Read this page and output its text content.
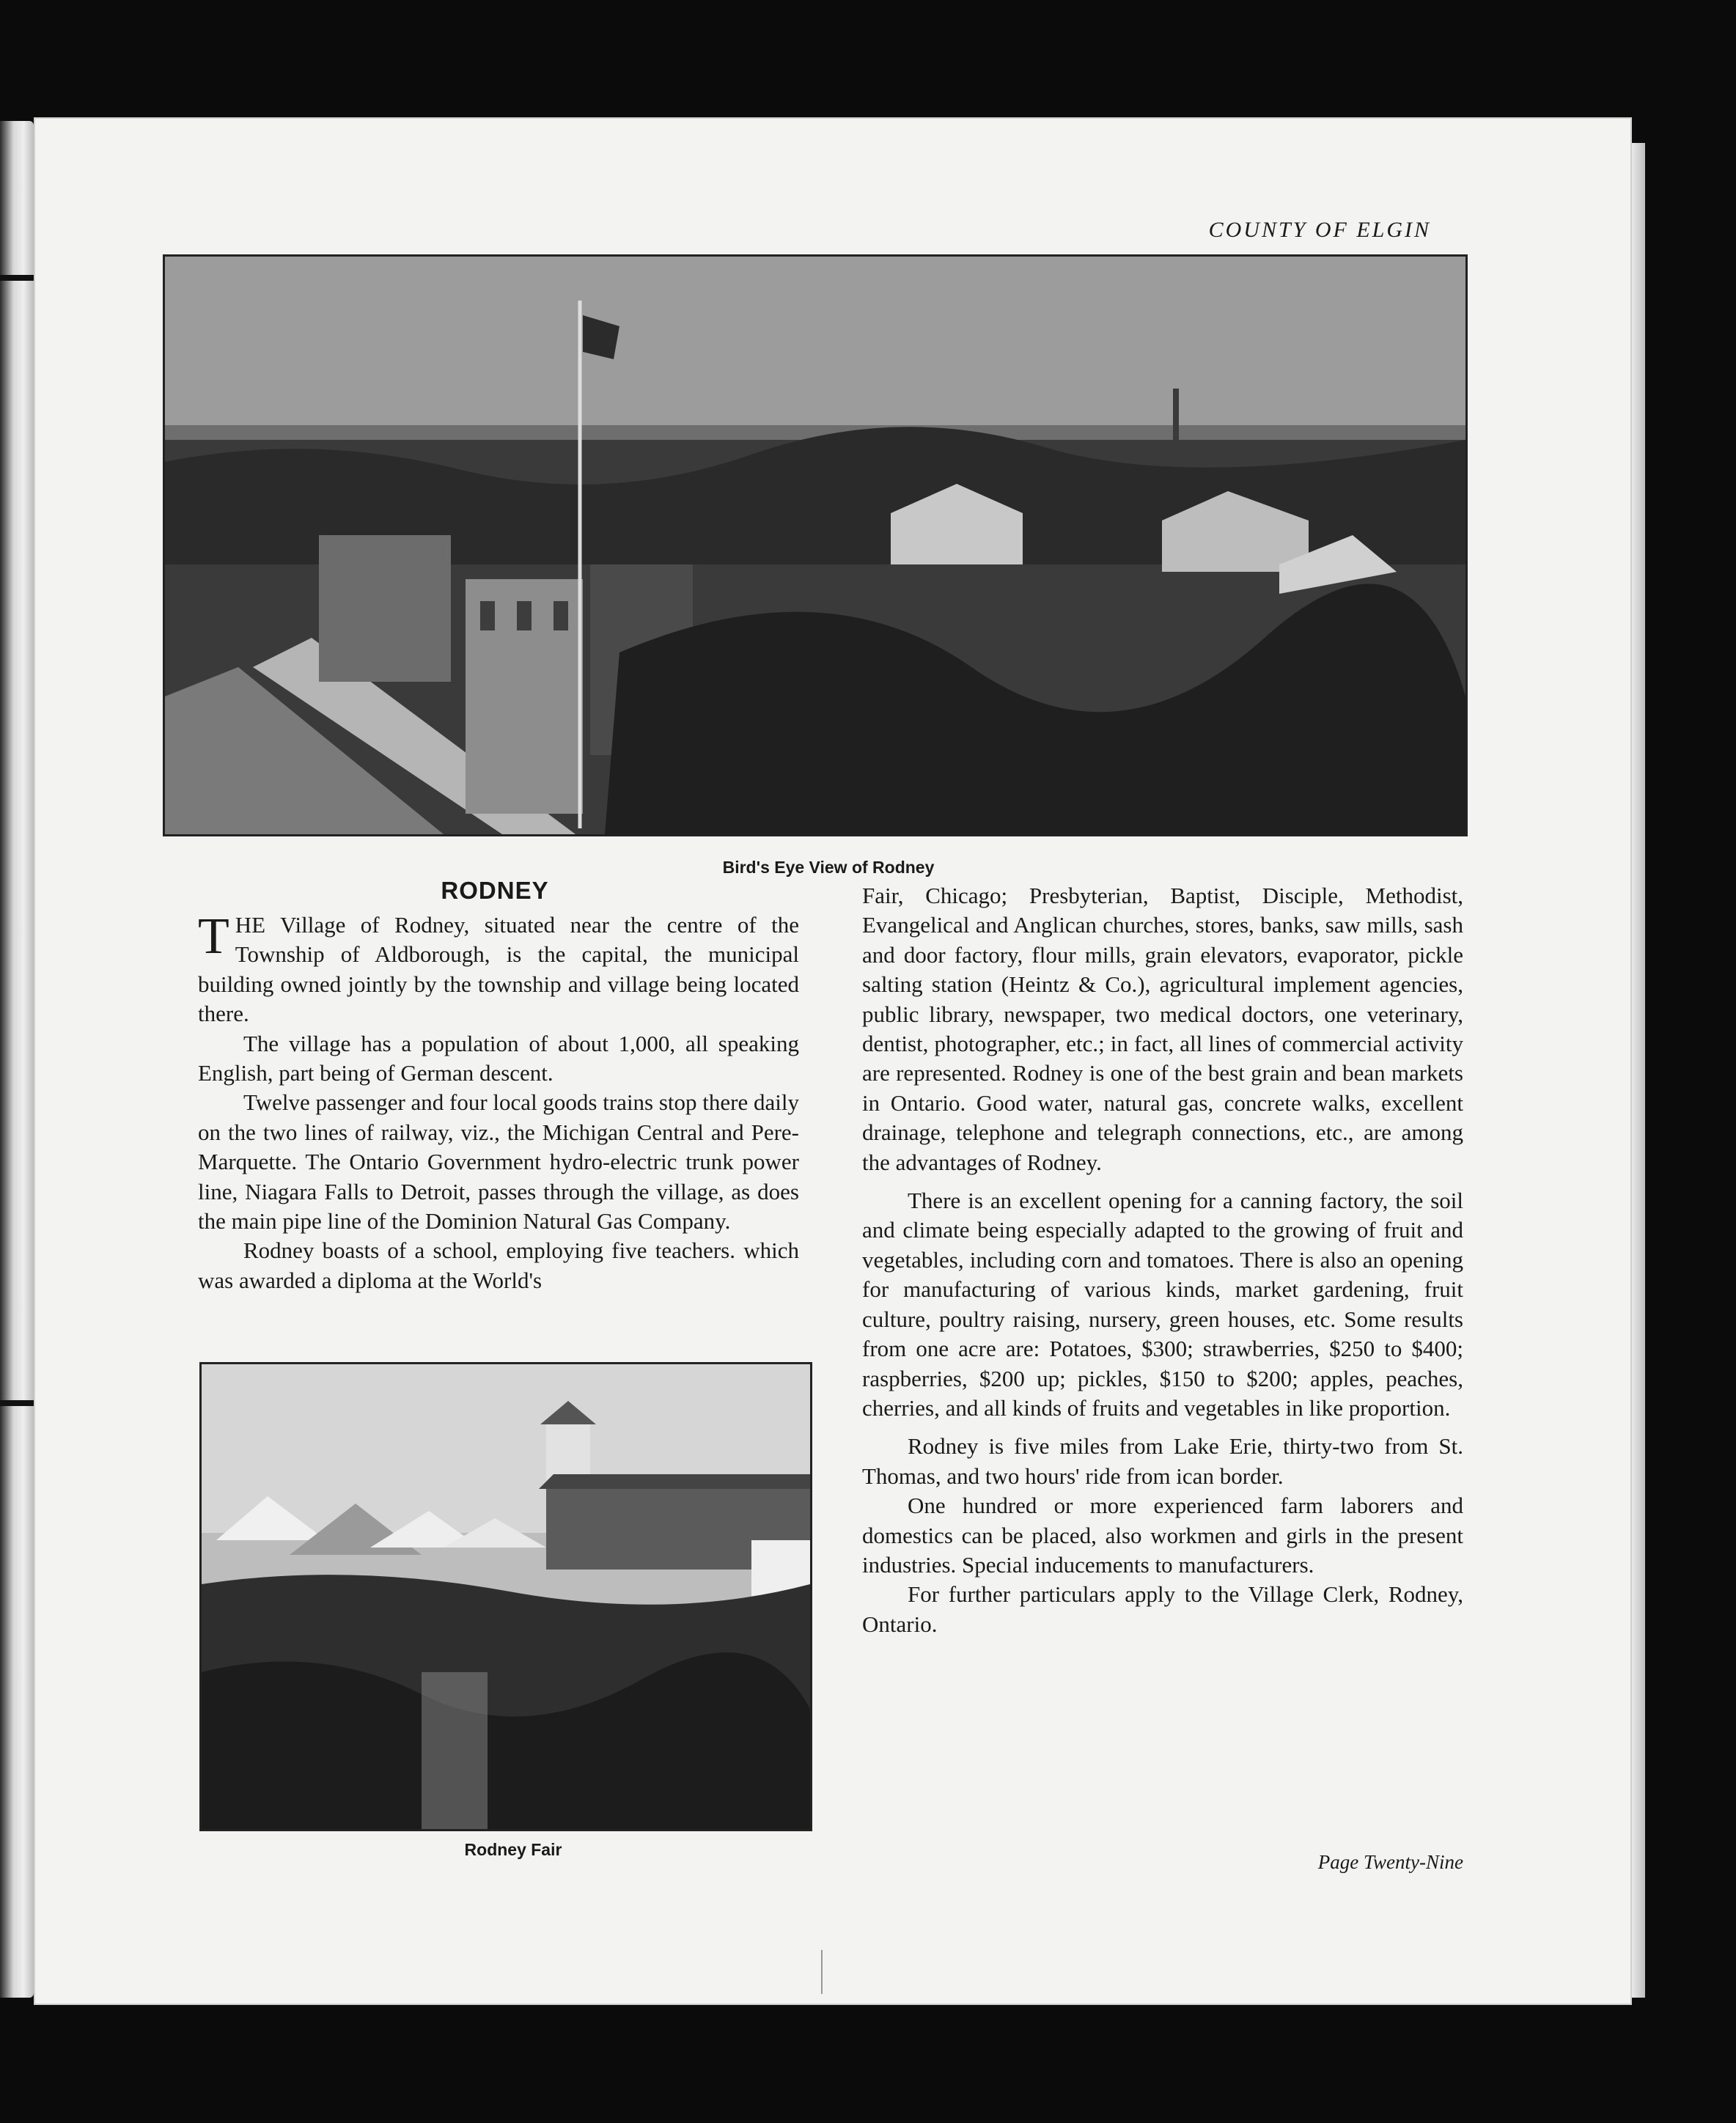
COUNTY OF ELGIN
Bird's Eye View of Rodney
RODNEY

THE Village of Rodney, situated near the centre of the Township of Aldborough, is the capital, the municipal building owned jointly by the township and village being located there.

The village has a population of about 1,000, all speaking English, part being of German descent.

Twelve passenger and four local goods trains stop there daily on the two lines of railway, viz., the Michigan Central and Pere-Marquette. The Ontario Government hydro-electric trunk power line, Niagara Falls to Detroit, passes through the village, as does the main pipe line of the Dominion Natural Gas Company.

Rodney boasts of a school, employing five teachers. which was awarded a diploma at the World's

Rodney Fair

Fair, Chicago; Presbyterian, Baptist, Disciple, Methodist, Evangelical and Anglican churches, stores, banks, saw mills, sash and door factory, flour mills, grain elevators, evaporator, pickle salting station (Heintz & Co.), agricultural implement agencies, public library, newspaper, two medical doctors, one veterinary, dentist, photographer, etc.; in fact, all lines of commercial activity are represented. Rodney is one of the best grain and bean markets in Ontario. Good water, natural gas, concrete walks, excellent drainage, telephone and telegraph connections, etc., are among the advantages of Rodney.

There is an excellent opening for a canning factory, the soil and climate being especially adapted to the growing of fruit and vegetables, including corn and tomatoes. There is also an opening for manufacturing of various kinds, market gardening, fruit culture, poultry raising, nursery, green houses, etc. Some results from one acre are: Potatoes, $300; strawberries, $250 to $400; raspberries, $200 up; pickles, $150 to $200; apples, peaches, cherries, and all kinds of fruits and vegetables in like proportion.

Rodney is five miles from Lake Erie, thirty-two from St. Thomas, and two hours' ride from ican border.

One hundred or more experienced farm laborers and domestics can be placed, also workmen and girls in the present industries. Special inducements to manufacturers.

For further particulars apply to the Village Clerk, Rodney, Ontario.

Page Twenty-Nine
